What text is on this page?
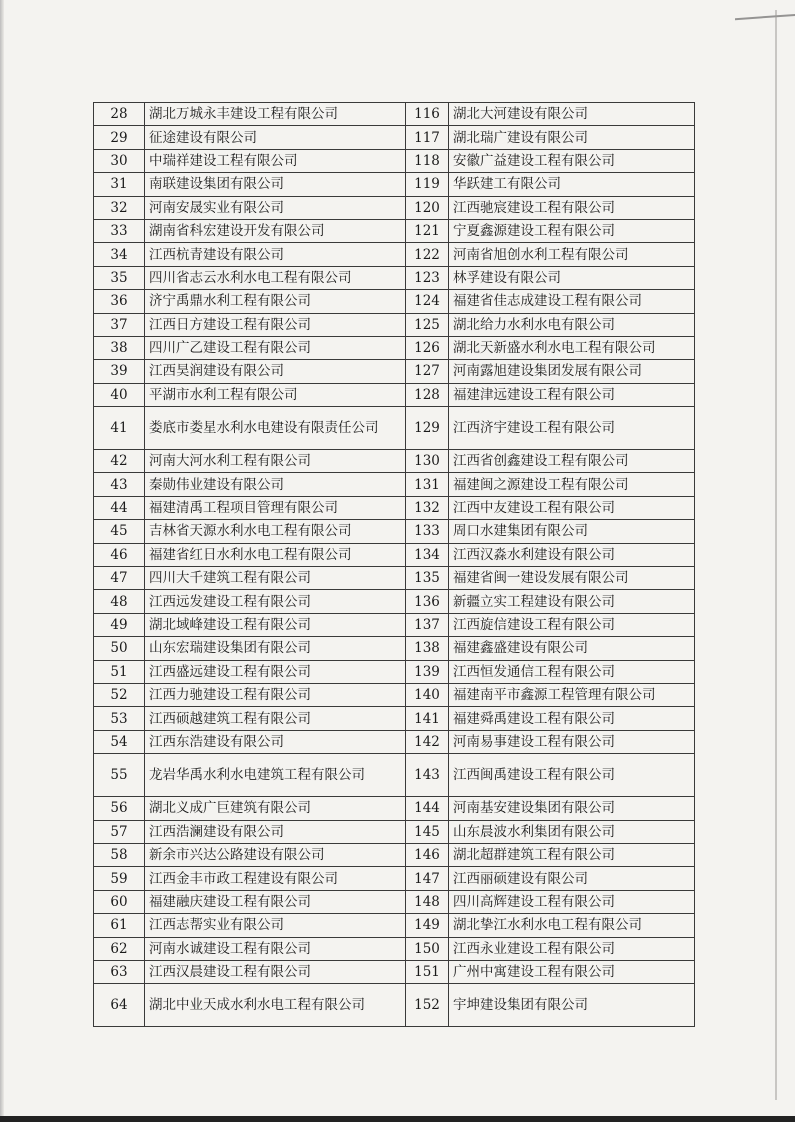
28	湖北万城永丰建设工程有限公司	116	湖北大河建设有限公司
29	征途建设有限公司	117	湖北瑞广建设有限公司
30	中瑞祥建设工程有限公司	118	安徽广益建设工程有限公司
31	南联建设集团有限公司	119	华跃建工有限公司
32	河南安晟实业有限公司	120	江西驰宸建设工程有限公司
33	湖南省科宏建设开发有限公司	121	宁夏鑫源建设工程有限公司
34	江西杭青建设有限公司	122	河南省旭创水利工程有限公司
35	四川省志云水利水电工程有限公司	123	林孚建设有限公司
36	济宁禹鼎水利工程有限公司	124	福建省佳志成建设工程有限公司
37	江西日方建设工程有限公司	125	湖北给力水利水电有限公司
38	四川广乙建设工程有限公司	126	湖北天新盛水利水电工程有限公司
39	江西昊润建设有限公司	127	河南露旭建设集团发展有限公司
40	平湖市水利工程有限公司	128	福建津远建设工程有限公司
41	娄底市娄星水利水电建设有限责任公司	129	江西济宇建设工程有限公司
42	河南大河水利工程有限公司	130	江西省创鑫建设工程有限公司
43	秦勋伟业建设有限公司	131	福建闽之源建设工程有限公司
44	福建清禹工程项目管理有限公司	132	江西中友建设工程有限公司
45	吉林省天源水利水电工程有限公司	133	周口水建集团有限公司
46	福建省红日水利水电工程有限公司	134	江西汉淼水利建设有限公司
47	四川大千建筑工程有限公司	135	福建省闽一建设发展有限公司
48	江西远发建设工程有限公司	136	新疆立实工程建设有限公司
49	湖北域峰建设工程有限公司	137	江西旋信建设工程有限公司
50	山东宏瑞建设集团有限公司	138	福建鑫盛建设有限公司
51	江西盛远建设工程有限公司	139	江西恒发通信工程有限公司
52	江西力驰建设工程有限公司	140	福建南平市鑫源工程管理有限公司
53	江西硕越建筑工程有限公司	141	福建舜禹建设工程有限公司
54	江西东浩建设有限公司	142	河南易事建设工程有限公司
55	龙岩华禹水利水电建筑工程有限公司	143	江西闽禹建设工程有限公司
56	湖北义成广巨建筑有限公司	144	河南基安建设集团有限公司
57	江西浩澜建设有限公司	145	山东晨波水利集团有限公司
58	新余市兴达公路建设有限公司	146	湖北超群建筑工程有限公司
59	江西金丰市政工程建设有限公司	147	江西丽硕建设有限公司
60	福建融庆建设工程有限公司	148	四川高辉建设工程有限公司
61	江西志帮实业有限公司	149	湖北挚江水利水电工程有限公司
62	河南水诚建设工程有限公司	150	江西永业建设工程有限公司
63	江西汉晨建设工程有限公司	151	广州中寓建设工程有限公司
64	湖北中业天成水利水电工程有限公司	152	宇坤建设集团有限公司
